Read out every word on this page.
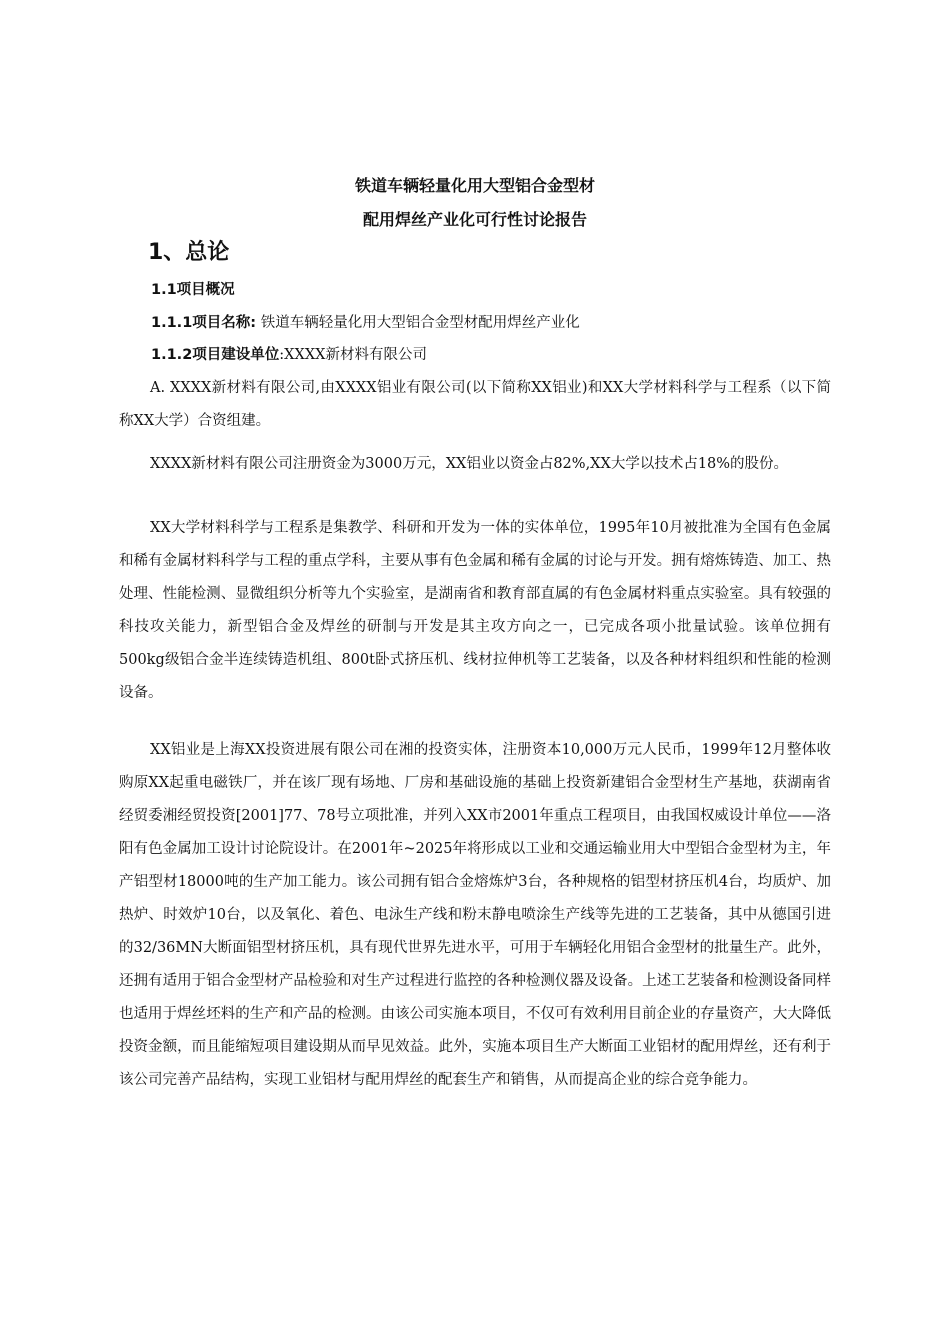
铁道车辆轻量化用大型铝合金型材
配用焊丝产业化可行性讨论报告
1、总论
1.1项目概况
1.1.1项目名称: 铁道车辆轻量化用大型铝合金型材配用焊丝产业化
1.1.2项目建设单位:XXXX新材料有限公司

A. XXXX新材料有限公司,由XXXX铝业有限公司(以下简称XX铝业)和XX大学材料科学与工程系（以下简称XX大学）合资组建。

XXXX新材料有限公司注册资金为3000万元，XX铝业以资金占82%,XX大学以技术占18%的股份。

XX大学材料科学与工程系是集教学、科研和开发为一体的实体单位，1995年10月被批准为全国有色金属和稀有金属材料科学与工程的重点学科，主要从事有色金属和稀有金属的讨论与开发。拥有熔炼铸造、加工、热处理、性能检测、显微组织分析等九个实验室，是湖南省和教育部直属的有色金属材料重点实验室。具有较强的科技攻关能力，新型铝合金及焊丝的研制与开发是其主攻方向之一，已完成各项小批量试验。该单位拥有500kg级铝合金半连续铸造机组、800t卧式挤压机、线材拉伸机等工艺装备，以及各种材料组织和性能的检测设备。

XX铝业是上海XX投资进展有限公司在湘的投资实体，注册资本10,000万元人民币，1999年12月整体收购原XX起重电磁铁厂，并在该厂现有场地、厂房和基础设施的基础上投资新建铝合金型材生产基地，获湖南省经贸委湘经贸投资[2001]77、78号立项批准，并列入XX市2001年重点工程项目，由我国权威设计单位——洛阳有色金属加工设计讨论院设计。在2001年~2025年将形成以工业和交通运输业用大中型铝合金型材为主，年产铝型材18000吨的生产加工能力。该公司拥有铝合金熔炼炉3台，各种规格的铝型材挤压机4台，均质炉、加热炉、时效炉10台，以及氧化、着色、电泳生产线和粉末静电喷涂生产线等先进的工艺装备，其中从德国引进的32/36MN大断面铝型材挤压机，具有现代世界先进水平，可用于车辆轻化用铝合金型材的批量生产。此外，还拥有适用于铝合金型材产品检验和对生产过程进行监控的各种检测仪器及设备。上述工艺装备和检测设备同样也适用于焊丝坯料的生产和产品的检测。由该公司实施本项目，不仅可有效利用目前企业的存量资产，大大降低投资金额，而且能缩短项目建设期从而早见效益。此外，实施本项目生产大断面工业铝材的配用焊丝，还有利于该公司完善产品结构，实现工业铝材与配用焊丝的配套生产和销售，从而提高企业的综合竞争能力。
